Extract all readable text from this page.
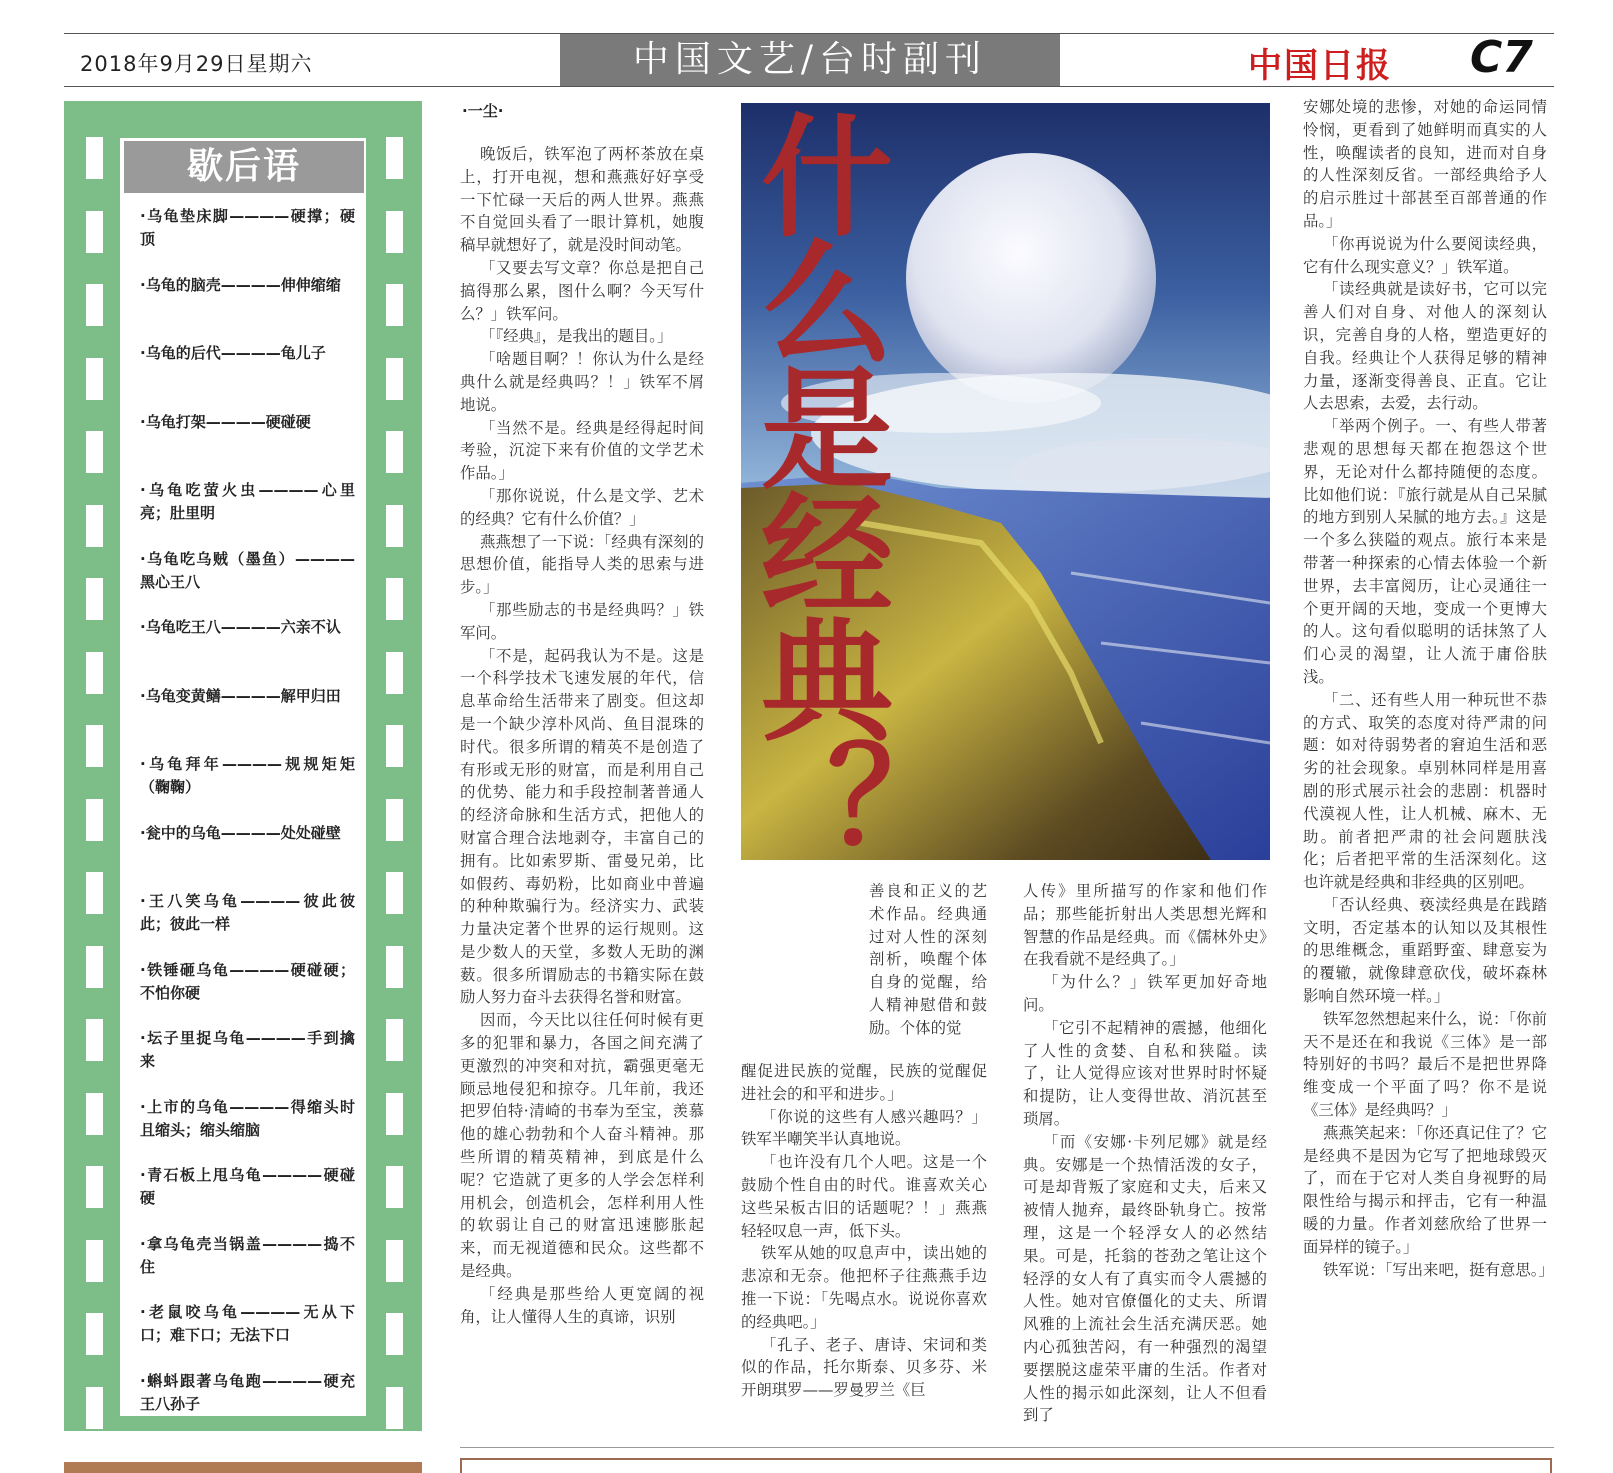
2018年9月29日星期六	中国文艺/台时副刊	中国日报 C7
歇后语
·乌龟垫床脚————硬撑；硬顶
·乌龟的脑壳————伸伸缩缩
·乌龟的后代————龟儿子
·乌龟打架————硬碰硬
·乌龟吃萤火虫————心里亮；肚里明
·乌龟吃乌贼（墨鱼）————黑心王八
·乌龟吃王八————六亲不认
·乌龟变黄鳝————解甲归田
·乌龟拜年————规规矩矩（鞠鞠）
·瓮中的乌龟————处处碰壁
·王八笑乌龟————彼此彼此；彼此一样
·铁锤砸乌龟————硬碰硬；不怕你硬
·坛子里捉乌龟————手到擒来
·上市的乌龟————得缩头时且缩头；缩头缩脑
·青石板上甩乌龟————硬碰硬
·拿乌龟壳当锅盖————捣不住
·老鼠咬乌龟————无从下口；难下口；无法下口
·蝌蚪跟著乌龟跑————硬充王八孙子
·一尘·

晚饭后，铁军泡了两杯茶放在桌上，打开电视，想和燕燕好好享受一下忙碌一天后的两人世界。燕燕不自觉回头看了一眼计算机，她腹稿早就想好了，就是没时间动笔。

「又要去写文章？你总是把自己搞得那么累，图什么啊？今天写什么？」铁军问。

「『经典』，是我出的题目。」

「啥题目啊？！你认为什么是经典什么就是经典吗？！」铁军不屑地说。

「当然不是。经典是经得起时间考验，沉淀下来有价值的文学艺术作品。」

「那你说说，什么是文学、艺术的经典？它有什么价值？」

燕燕想了一下说：「经典有深刻的思想价值，能指导人类的思索与进步。」

「那些励志的书是经典吗？」铁军问。

「不是，起码我认为不是。这是一个科学技术飞速发展的年代，信息革命给生活带来了剧变。但这却是一个缺少淳朴风尚、鱼目混珠的时代。很多所谓的精英不是创造了有形或无形的财富，而是利用自己的优势、能力和手段控制著普通人的经济命脉和生活方式，把他人的财富合理合法地剥夺，丰富自己的拥有。比如索罗斯、雷曼兄弟，比如假药、毒奶粉，比如商业中普遍的种种欺骗行为。经济实力、武装力量决定著个世界的运行规则。这是少数人的天堂，多数人无助的渊薮。很多所谓励志的书籍实际在鼓励人努力奋斗去获得名誉和财富。

因而，今天比以往任何时候有更多的犯罪和暴力，各国之间充满了更激烈的冲突和对抗，霸强更毫无顾忌地侵犯和掠夺。几年前，我还把罗伯特·清崎的书奉为至宝，羡慕他的雄心勃勃和个人奋斗精神。那些所谓的精英精神，到底是什么呢？它造就了更多的人学会怎样利用机会，创造机会，怎样利用人性的软弱让自己的财富迅速膨胀起来，而无视道德和民众。这些都不是经典。

「经典是那些给人更宽阔的视角，让人懂得人生的真谛，识别

什么是经典？

善良和正义的艺术作品。经典通过对人性的深刻剖析，唤醒个体自身的觉醒，给人精神慰借和鼓励。个体的觉

醒促进民族的觉醒，民族的觉醒促进社会的和平和进步。」

「你说的这些有人感兴趣吗？」铁军半嘲笑半认真地说。

「也许没有几个人吧。这是一个鼓励个性自由的时代。谁喜欢关心这些呆板古旧的话题呢？！」燕燕轻轻叹息一声，低下头。

铁军从她的叹息声中，读出她的悲凉和无奈。他把杯子往燕燕手边推一下说：「先喝点水。说说你喜欢的经典吧。」

「孔子、老子、唐诗、宋词和类似的作品，托尔斯泰、贝多芬、米开朗琪罗——罗曼罗兰《巨

人传》里所描写的作家和他们作品；那些能折射出人类思想光辉和智慧的作品是经典。而《儒林外史》在我看就不是经典了。」

「为什么？」铁军更加好奇地问。

「它引不起精神的震撼，他细化了人性的贪婪、自私和狭隘。读了，让人觉得应该对世界时时怀疑和提防，让人变得世故、消沉甚至琐屑。

「而《安娜·卡列尼娜》就是经典。安娜是一个热情活泼的女子，可是却背叛了家庭和丈夫，后来又被情人抛弃，最终卧轨身亡。按常理，这是一个轻浮女人的必然结果。可是，托翁的苍劲之笔让这个轻浮的女人有了真实而令人震撼的人性。她对官僚僵化的丈夫、所谓风雅的上流社会生活充满厌恶。她内心孤独苦闷，有一种强烈的渴望要摆脱这虚荣平庸的生活。作者对人性的揭示如此深刻，让人不但看到了

安娜处境的悲惨，对她的命运同情怜悯，更看到了她鲜明而真实的人性，唤醒读者的良知，进而对自身的人性深刻反省。一部经典给予人的启示胜过十部甚至百部普通的作品。」

「你再说说为什么要阅读经典，它有什么现实意义？」铁军道。

「读经典就是读好书，它可以完善人们对自身、对他人的深刻认识，完善自身的人格，塑造更好的自我。经典让个人获得足够的精神力量，逐渐变得善良、正直。它让人去思索，去爱，去行动。

「举两个例子。一、有些人带著悲观的思想每天都在抱怨这个世界，无论对什么都持随便的态度。比如他们说：『旅行就是从自己呆腻的地方到别人呆腻的地方去。』这是一个多么狭隘的观点。旅行本来是带著一种探索的心情去体验一个新世界，去丰富阅历，让心灵通往一个更开阔的天地，变成一个更博大的人。这句看似聪明的话抹煞了人们心灵的渴望，让人流于庸俗肤浅。

「二、还有些人用一种玩世不恭的方式、取笑的态度对待严肃的问题：如对待弱势者的窘迫生活和恶劣的社会现象。卓别林同样是用喜剧的形式展示社会的悲剧：机器时代漠视人性，让人机械、麻木、无助。前者把严肃的社会问题肤浅化；后者把平常的生活深刻化。这也许就是经典和非经典的区别吧。

「否认经典、亵渎经典是在践踏文明，否定基本的认知以及其根性的思维概念，重蹈野蛮、肆意妄为的覆辙，就像肆意砍伐，破坏森林影响自然环境一样。」

铁军忽然想起来什么，说：「你前天不是还在和我说《三体》是一部特别好的书吗？最后不是把世界降维变成一个平面了吗？你不是说《三体》是经典吗？」

燕燕笑起来：「你还真记住了？它是经典不是因为它写了把地球毁灭了，而在于它对人类自身视野的局限性给与揭示和抨击，它有一种温暖的力量。作者刘慈欣给了世界一面异样的镜子。」

铁军说：「写出来吧，挺有意思。」
